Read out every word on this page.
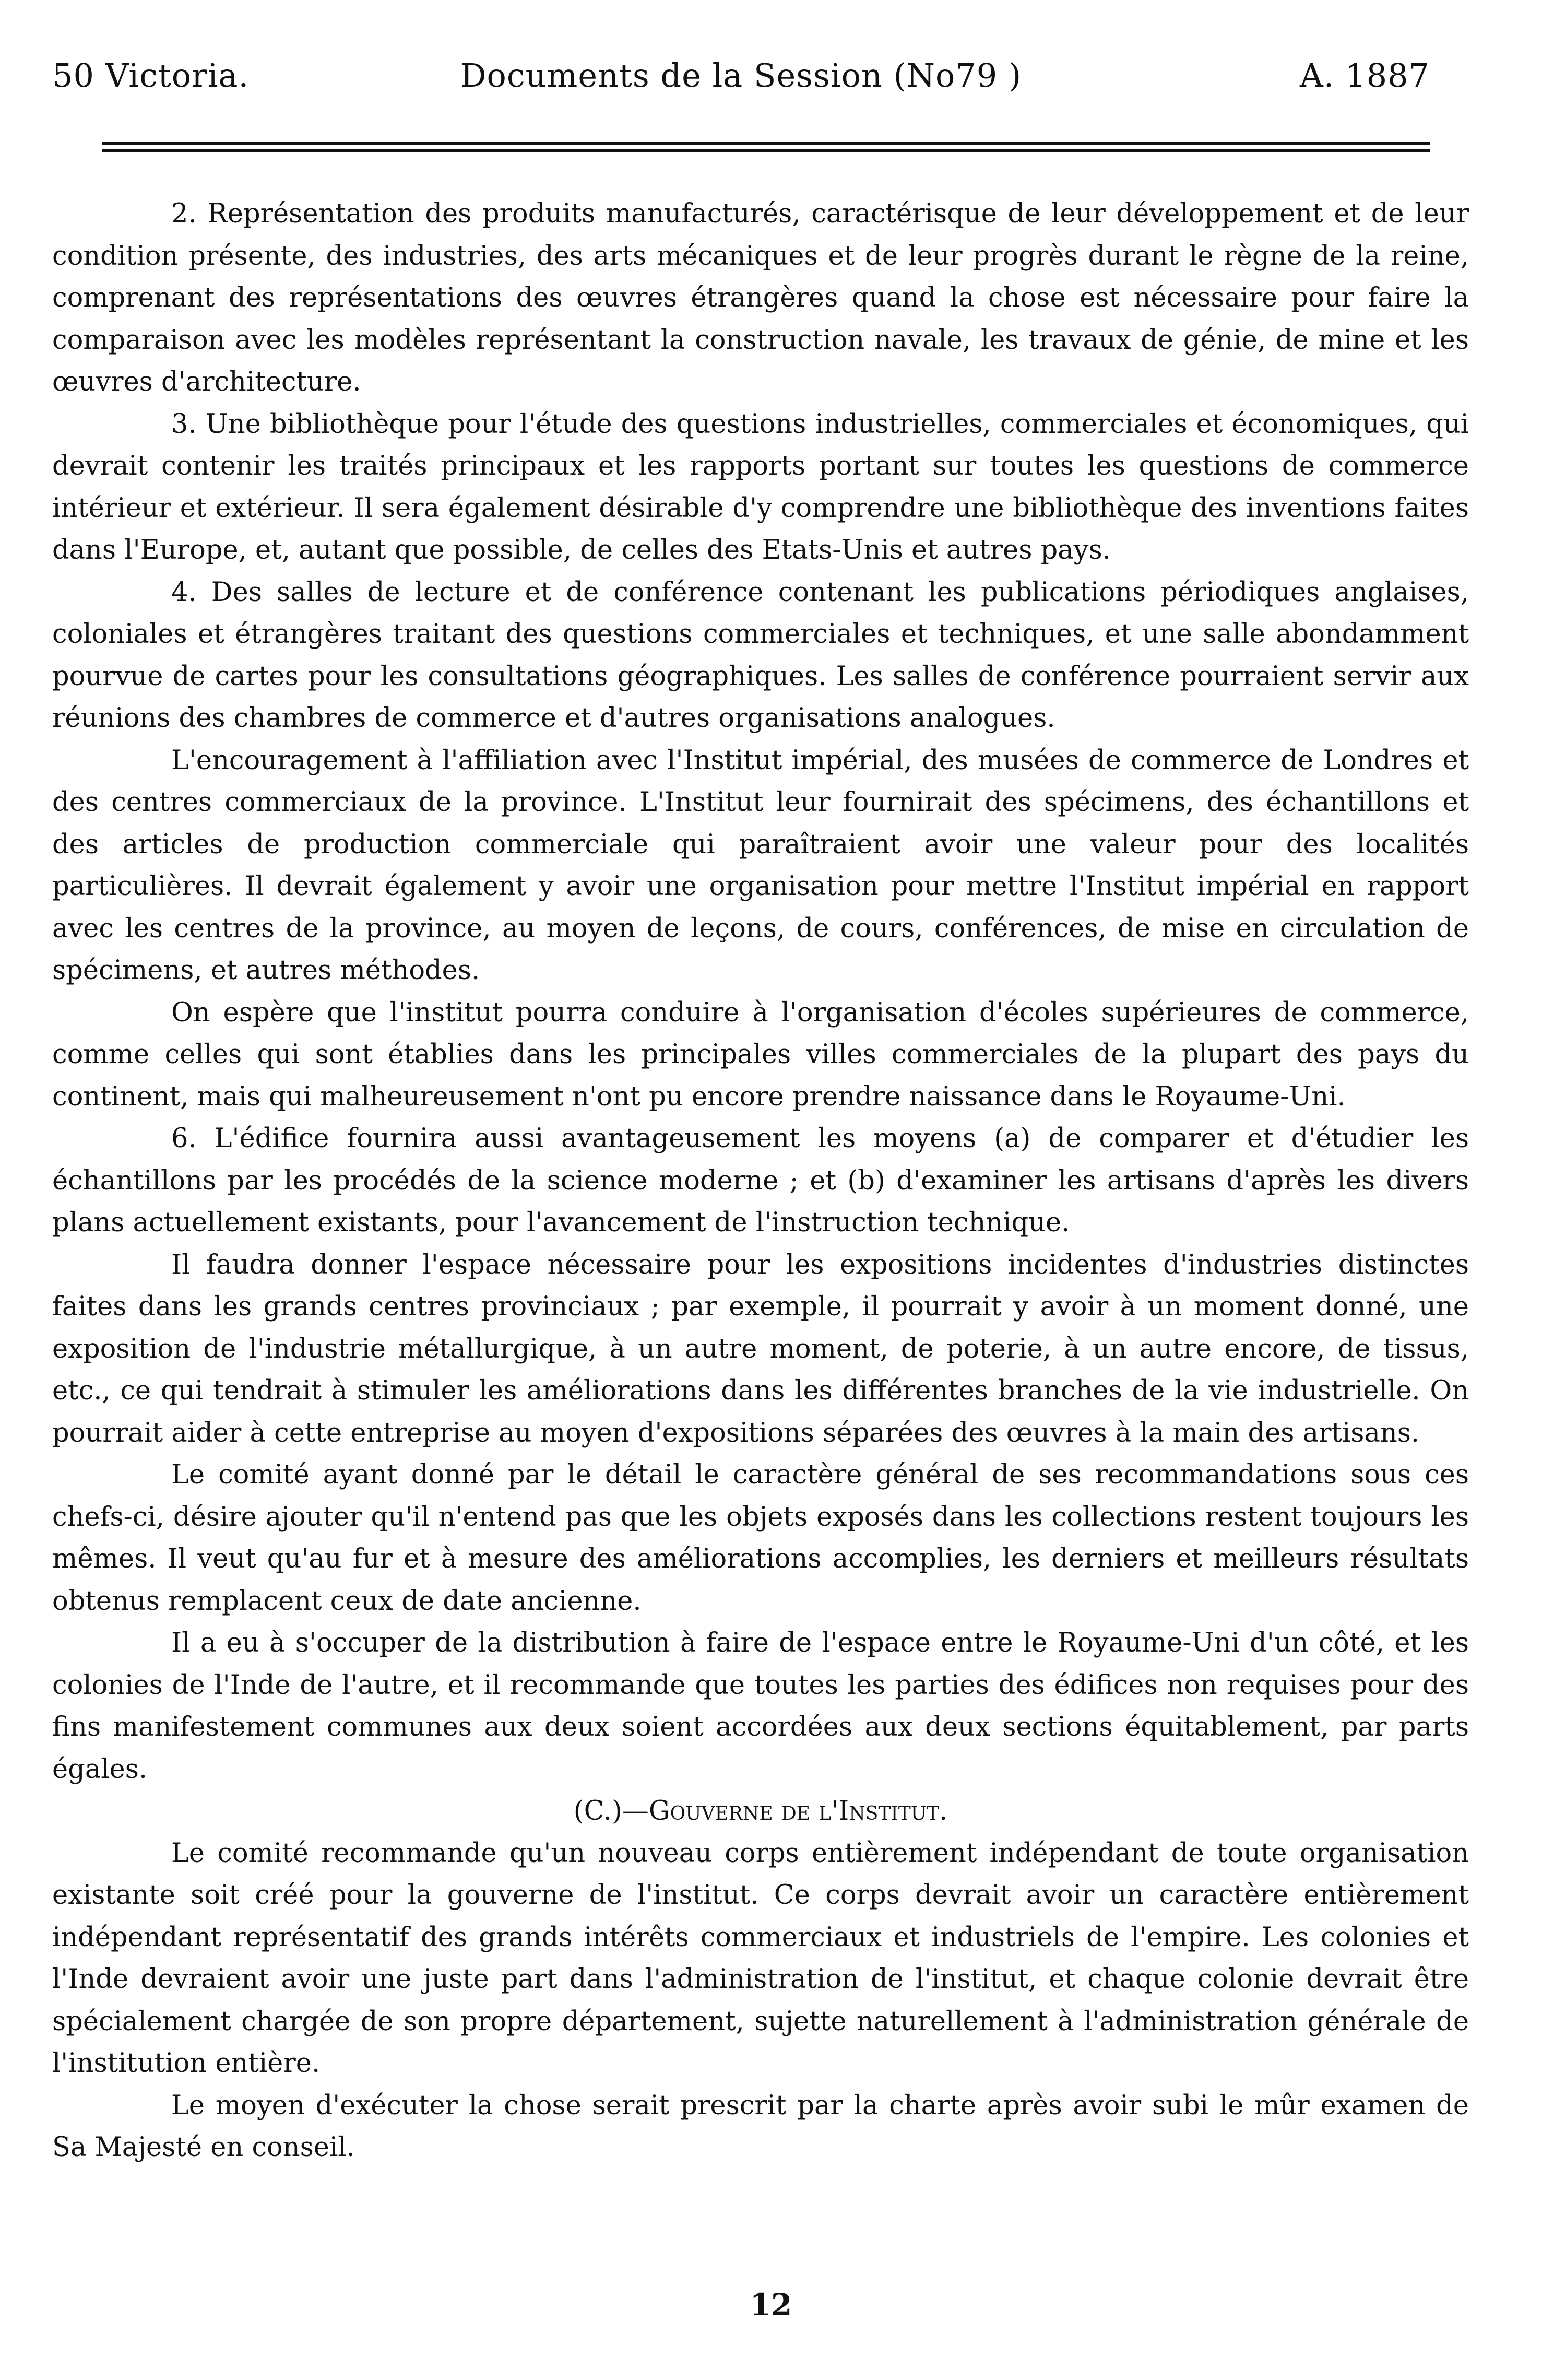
50 Victoria.	Documents de la Session (No79 )	A. 1887

2. Représentation des produits manufacturés, caractérisque de leur développement et de leur condition présente, des industries, des arts mécaniques et de leur progrès durant le règne de la reine, comprenant des représentations des œuvres étrangères quand la chose est nécessaire pour faire la comparaison avec les modèles représentant la construction navale, les travaux de génie, de mine et les œuvres d'architecture.

3. Une bibliothèque pour l'étude des questions industrielles, commerciales et économiques, qui devrait contenir les traités principaux et les rapports portant sur toutes les questions de commerce intérieur et extérieur. Il sera également désirable d'y comprendre une bibliothèque des inventions faites dans l'Europe, et, autant que possible, de celles des Etats-Unis et autres pays.

4. Des salles de lecture et de conférence contenant les publications périodiques anglaises, coloniales et étrangères traitant des questions commerciales et techniques, et une salle abondamment pourvue de cartes pour les consultations géographiques. Les salles de conférence pourraient servir aux réunions des chambres de commerce et d'autres organisations analogues.

L'encouragement à l'affiliation avec l'Institut impérial, des musées de commerce de Londres et des centres commerciaux de la province. L'Institut leur fournirait des spécimens, des échantillons et des articles de production commerciale qui paraîtraient avoir une valeur pour des localités particulières. Il devrait également y avoir une organisation pour mettre l'Institut impérial en rapport avec les centres de la province, au moyen de leçons, de cours, conférences, de mise en circulation de spécimens, et autres méthodes.

On espère que l'institut pourra conduire à l'organisation d'écoles supérieures de commerce, comme celles qui sont établies dans les principales villes commerciales de la plupart des pays du continent, mais qui malheureusement n'ont pu encore prendre naissance dans le Royaume-Uni.

6. L'édifice fournira aussi avantageusement les moyens (a) de comparer et d'étudier les échantillons par les procédés de la science moderne ; et (b) d'examiner les artisans d'après les divers plans actuellement existants, pour l'avancement de l'instruction technique.

Il faudra donner l'espace nécessaire pour les expositions incidentes d'industries distinctes faites dans les grands centres provinciaux ; par exemple, il pourrait y avoir à un moment donné, une exposition de l'industrie métallurgique, à un autre moment, de poterie, à un autre encore, de tissus, etc., ce qui tendrait à stimuler les améliorations dans les différentes branches de la vie industrielle. On pourrait aider à cette entreprise au moyen d'expositions séparées des œuvres à la main des artisans.

Le comité ayant donné par le détail le caractère général de ses recommandations sous ces chefs-ci, désire ajouter qu'il n'entend pas que les objets exposés dans les collections restent toujours les mêmes. Il veut qu'au fur et à mesure des améliorations accomplies, les derniers et meilleurs résultats obtenus remplacent ceux de date ancienne.

Il a eu à s'occuper de la distribution à faire de l'espace entre le Royaume-Uni d'un côté, et les colonies de l'Inde de l'autre, et il recommande que toutes les parties des édifices non requises pour des fins manifestement communes aux deux soient accordées aux deux sections équitablement, par parts égales.

(C.)—Gouverne de l'Institut.

Le comité recommande qu'un nouveau corps entièrement indépendant de toute organisation existante soit créé pour la gouverne de l'institut. Ce corps devrait avoir un caractère entièrement indépendant représentatif des grands intérêts commerciaux et industriels de l'empire. Les colonies et l'Inde devraient avoir une juste part dans l'administration de l'institut, et chaque colonie devrait être spécialement chargée de son propre département, sujette naturellement à l'administration générale de l'institution entière.

Le moyen d'exécuter la chose serait prescrit par la charte après avoir subi le mûr examen de Sa Majesté en conseil.

12
